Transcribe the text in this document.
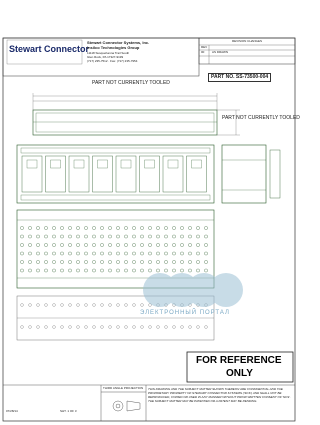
Stewart Connector
Stewart Connector Systems, Inc.
Insilco Technologies Group
11118 Susquehanna Trail South
Glen Rock, PA 17327-9199
(717) 235-7512 · Fax: (717) 235-7954
REVISION CHANGES
REV
00	AS DRAWN
PART NOT CURRENTLY TOOLED
PART NO. SS-73500-004
PART NOT CURRENTLY TOOLED
ЭЛЕКТРОННЫЙ ПОРТАЛ
FOR REFERENCE
ONLY
THIRD ANGLE PROJECTION
07/28/14	SHT. 1 OF 3
THIS DRAWING AND THE SUBJECT MATTER SHOWN THEREON ARE CONFIDENTIAL AND THE PROPRIETARY PROPERTY OF STEWART CONNECTOR SYSTEMS ('SCS') AND SHALL NOT BE REPRODUCED, COPIED OR USED IN ANY MANNER WITHOUT PRIOR WRITTEN CONSENT OF 'SCS'. THE SUBJECT MATTER MAY BE PATENTED OR A PATENT MAY BE PENDING.
